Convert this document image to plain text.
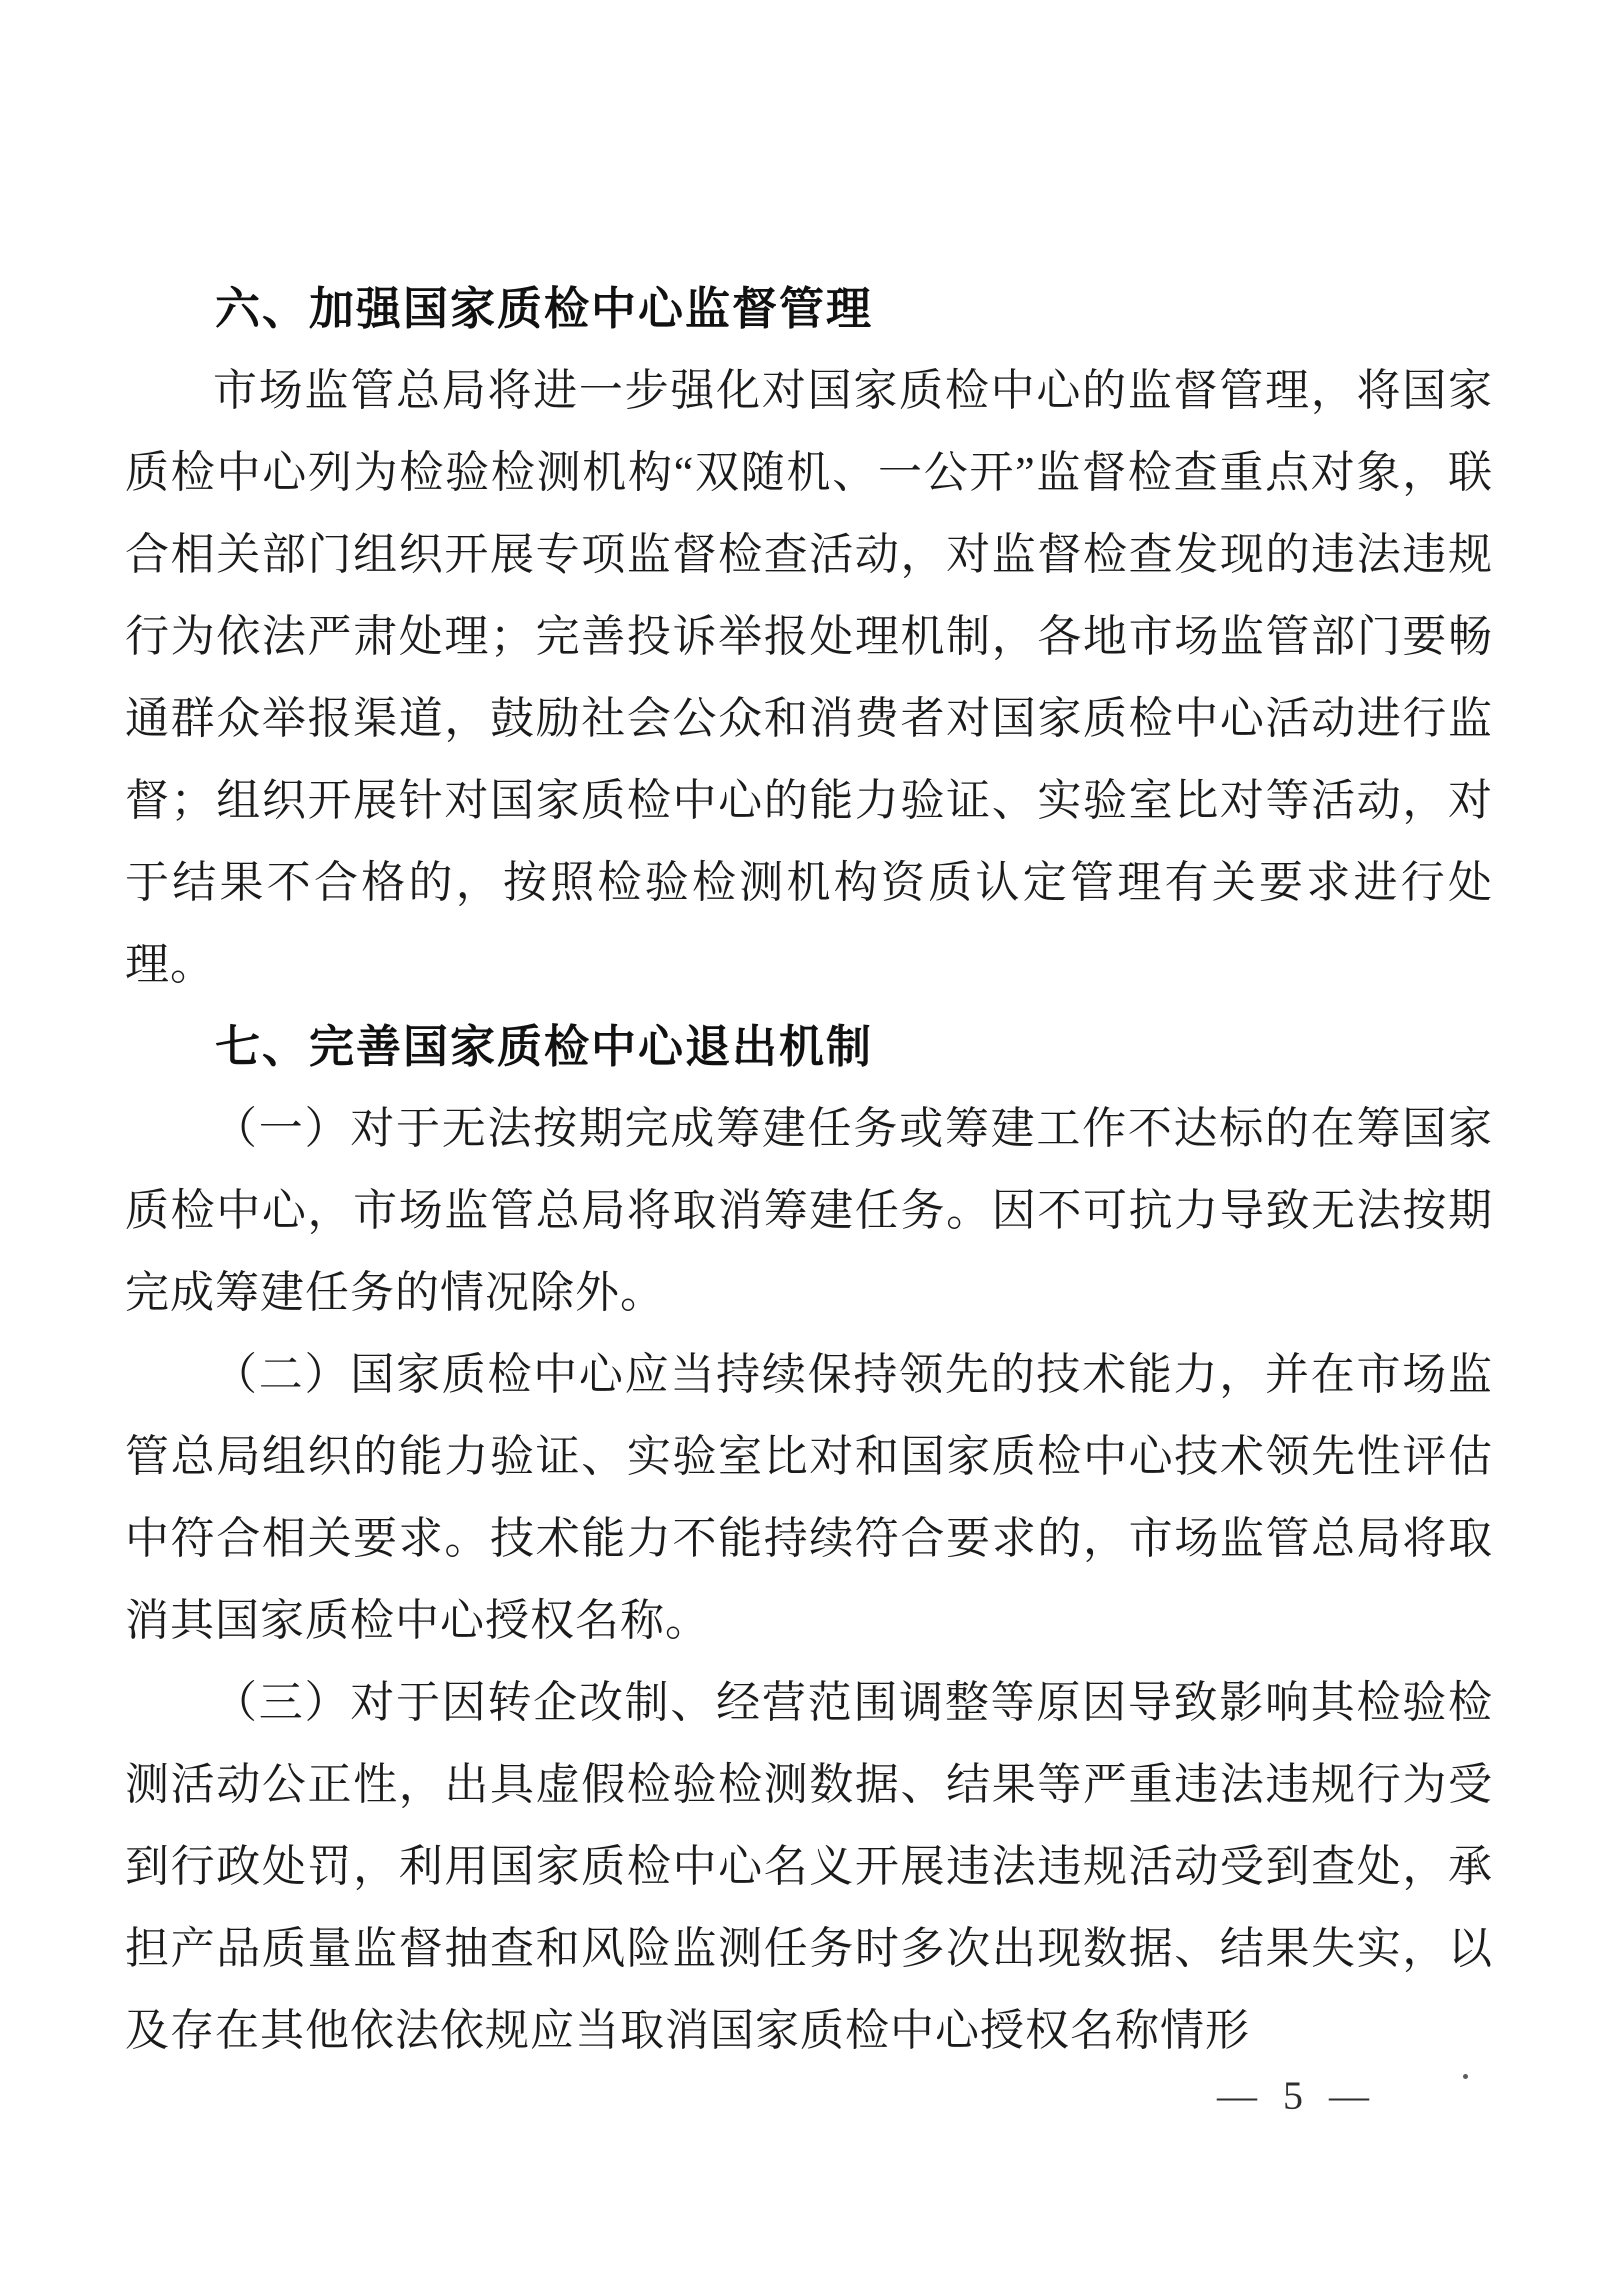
六、加强国家质检中心监督管理

市场监管总局将进一步强化对国家质检中心的监督管理，将国家质检中心列为检验检测机构“双随机、一公开”监督检查重点对象，联合相关部门组织开展专项监督检查活动，对监督检查发现的违法违规行为依法严肃处理；完善投诉举报处理机制，各地市场监管部门要畅通群众举报渠道，鼓励社会公众和消费者对国家质检中心活动进行监督；组织开展针对国家质检中心的能力验证、实验室比对等活动，对于结果不合格的，按照检验检测机构资质认定管理有关要求进行处理。

七、完善国家质检中心退出机制

（一）对于无法按期完成筹建任务或筹建工作不达标的在筹国家质检中心，市场监管总局将取消筹建任务。因不可抗力导致无法按期完成筹建任务的情况除外。

（二）国家质检中心应当持续保持领先的技术能力，并在市场监管总局组织的能力验证、实验室比对和国家质检中心技术领先性评估中符合相关要求。技术能力不能持续符合要求的，市场监管总局将取消其国家质检中心授权名称。

（三）对于因转企改制、经营范围调整等原因导致影响其检验检测活动公正性，出具虚假检验检测数据、结果等严重违法违规行为受到行政处罚，利用国家质检中心名义开展违法违规活动受到查处，承担产品质量监督抽查和风险监测任务时多次出现数据、结果失实，以及存在其他依法依规应当取消国家质检中心授权名称情形

— 5 —
